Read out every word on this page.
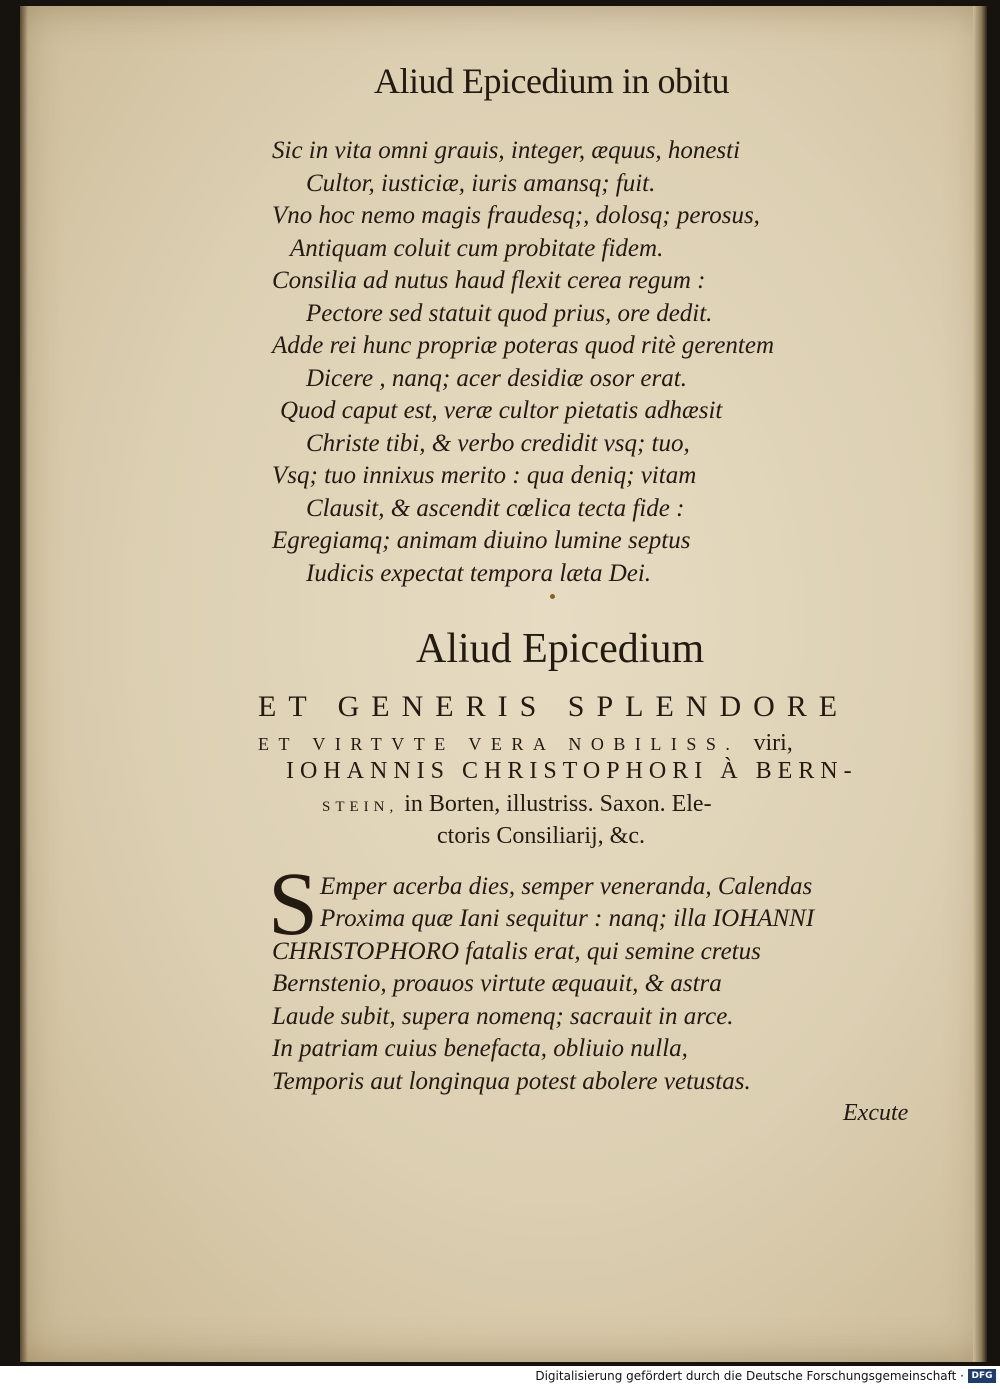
Aliud Epicedium in obitu
Sic in vita omni grauis, integer, æquus, honesti
Cultor, iusticiæ, iuris amansq; fuit.
Vno hoc nemo magis fraudesq;, dolosq; perosus,
Antiquam coluit cum probitate fidem.
Consilia ad nutus haud flexit cerea regum :
Pectore sed statuit quod prius, ore dedit.
Adde rei hunc propriæ poteras quod ritè gerentem
Dicere , nanq; acer desidiæ osor erat.
Quod caput est, veræ cultor pietatis adhæsit
Christe tibi, & verbo credidit vsq; tuo,
Vsq; tuo innixus merito : qua deniq; vitam
Clausit, & ascendit cœlica tecta fide :
Egregiamq; animam diuino lumine septus
Iudicis expectat tempora læta Dei.
Aliud Epicedium
ET GENERIS SPLENDORE
ET VIRTVTE VERA NOBILISS. viri,
IOHANNIS CHRISTOPHORI À BERN-
STEIN, in Borten, illustriss. Saxon. Ele-
ctoris Consiliarij, &c.
S Emper acerba dies, semper veneranda, Calendas
Proxima quæ Iani sequitur : nanq; illa IOHANNI
CHRISTOPHORO fatalis erat, qui semine cretus
Bernstenio, proauos virtute æquauit, & astra
Laude subit, supera nomenq; sacrauit in arce.
In patriam cuius benefacta, obliuio nulla,
Temporis aut longinqua potest abolere vetustas.
Excute
Digitalisierung gefördert durch die Deutsche Forschungsgemeinschaft · DFG
